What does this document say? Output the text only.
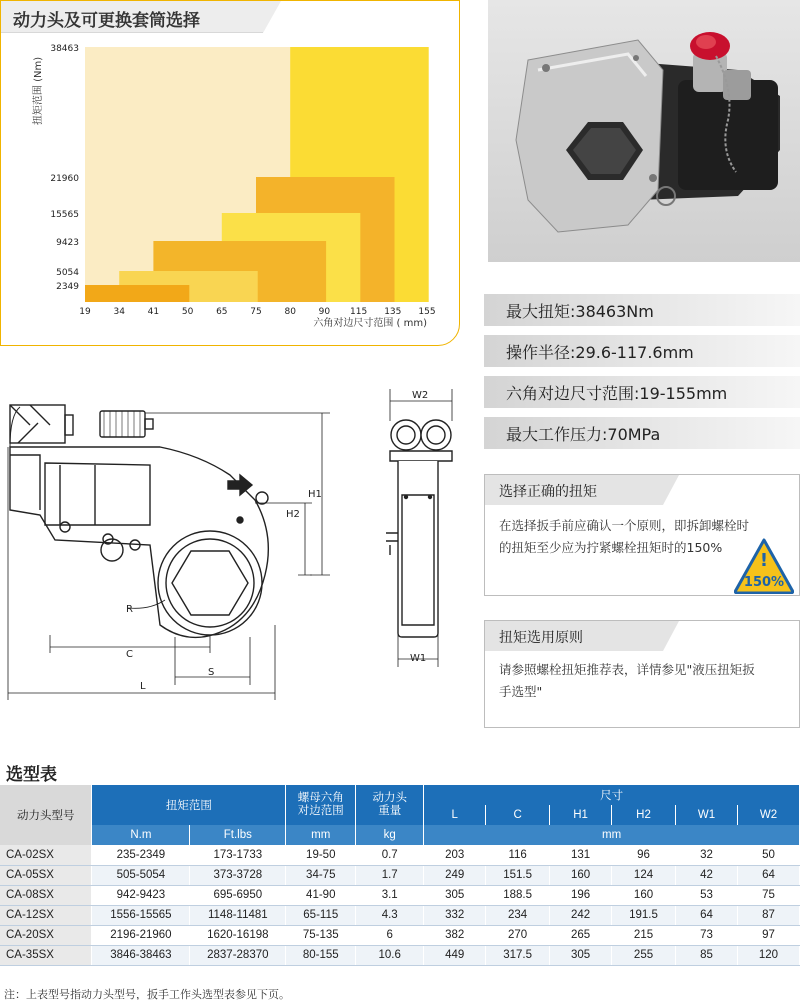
2349
5054
9423
15565
21960
38463
19	34	41	50	65	75	80	90 115 135 155
扭矩范围 (Nm)
六角对边尺寸范围 ( mm)
动力头及可更换套筒选择
最大扭矩:38463Nm
操作半径:29.6-117.6mm
六角对边尺寸范围:19-155mm
最大工作压力:70MPa
选择正确的扭矩
在选择扳手前应确认一个原则，即拆卸螺栓时
的扭矩至少应为拧紧螺栓扭矩时的150%
!
150%
扭矩选用原则
请参照螺栓扭矩推荐表，详情参见"液压扭矩扳
手选型"
H1
H2
R
C
S
L
W2
W1
选型表
动力头型号	扭矩范围		螺母六角
对边范围	动力头
重量	尺寸					
					L	C	H1	H2	W1	W2
	N.m	Ft.lbs	mm	kg	mm					
CA-02SX	235-2349	173-1733	19-50	0.7	203	116	131	96	32	50
CA-05SX	505-5054	373-3728	34-75	1.7	249	151.5	160	124	42	64
CA-08SX	942-9423	695-6950	41-90	3.1	305	188.5	196	160	53	75
CA-12SX	1556-15565	1148-11481	65-115	4.3	332	234	242	191.5	64	87
CA-20SX	2196-21960	1620-16198	75-135	6	382	270	265	215	73	97
CA-35SX	3846-38463	2837-28370	80-155	10.6	449	317.5	305	255	85	120
注：上表型号指动力头型号，扳手工作头选型表参见下页。
